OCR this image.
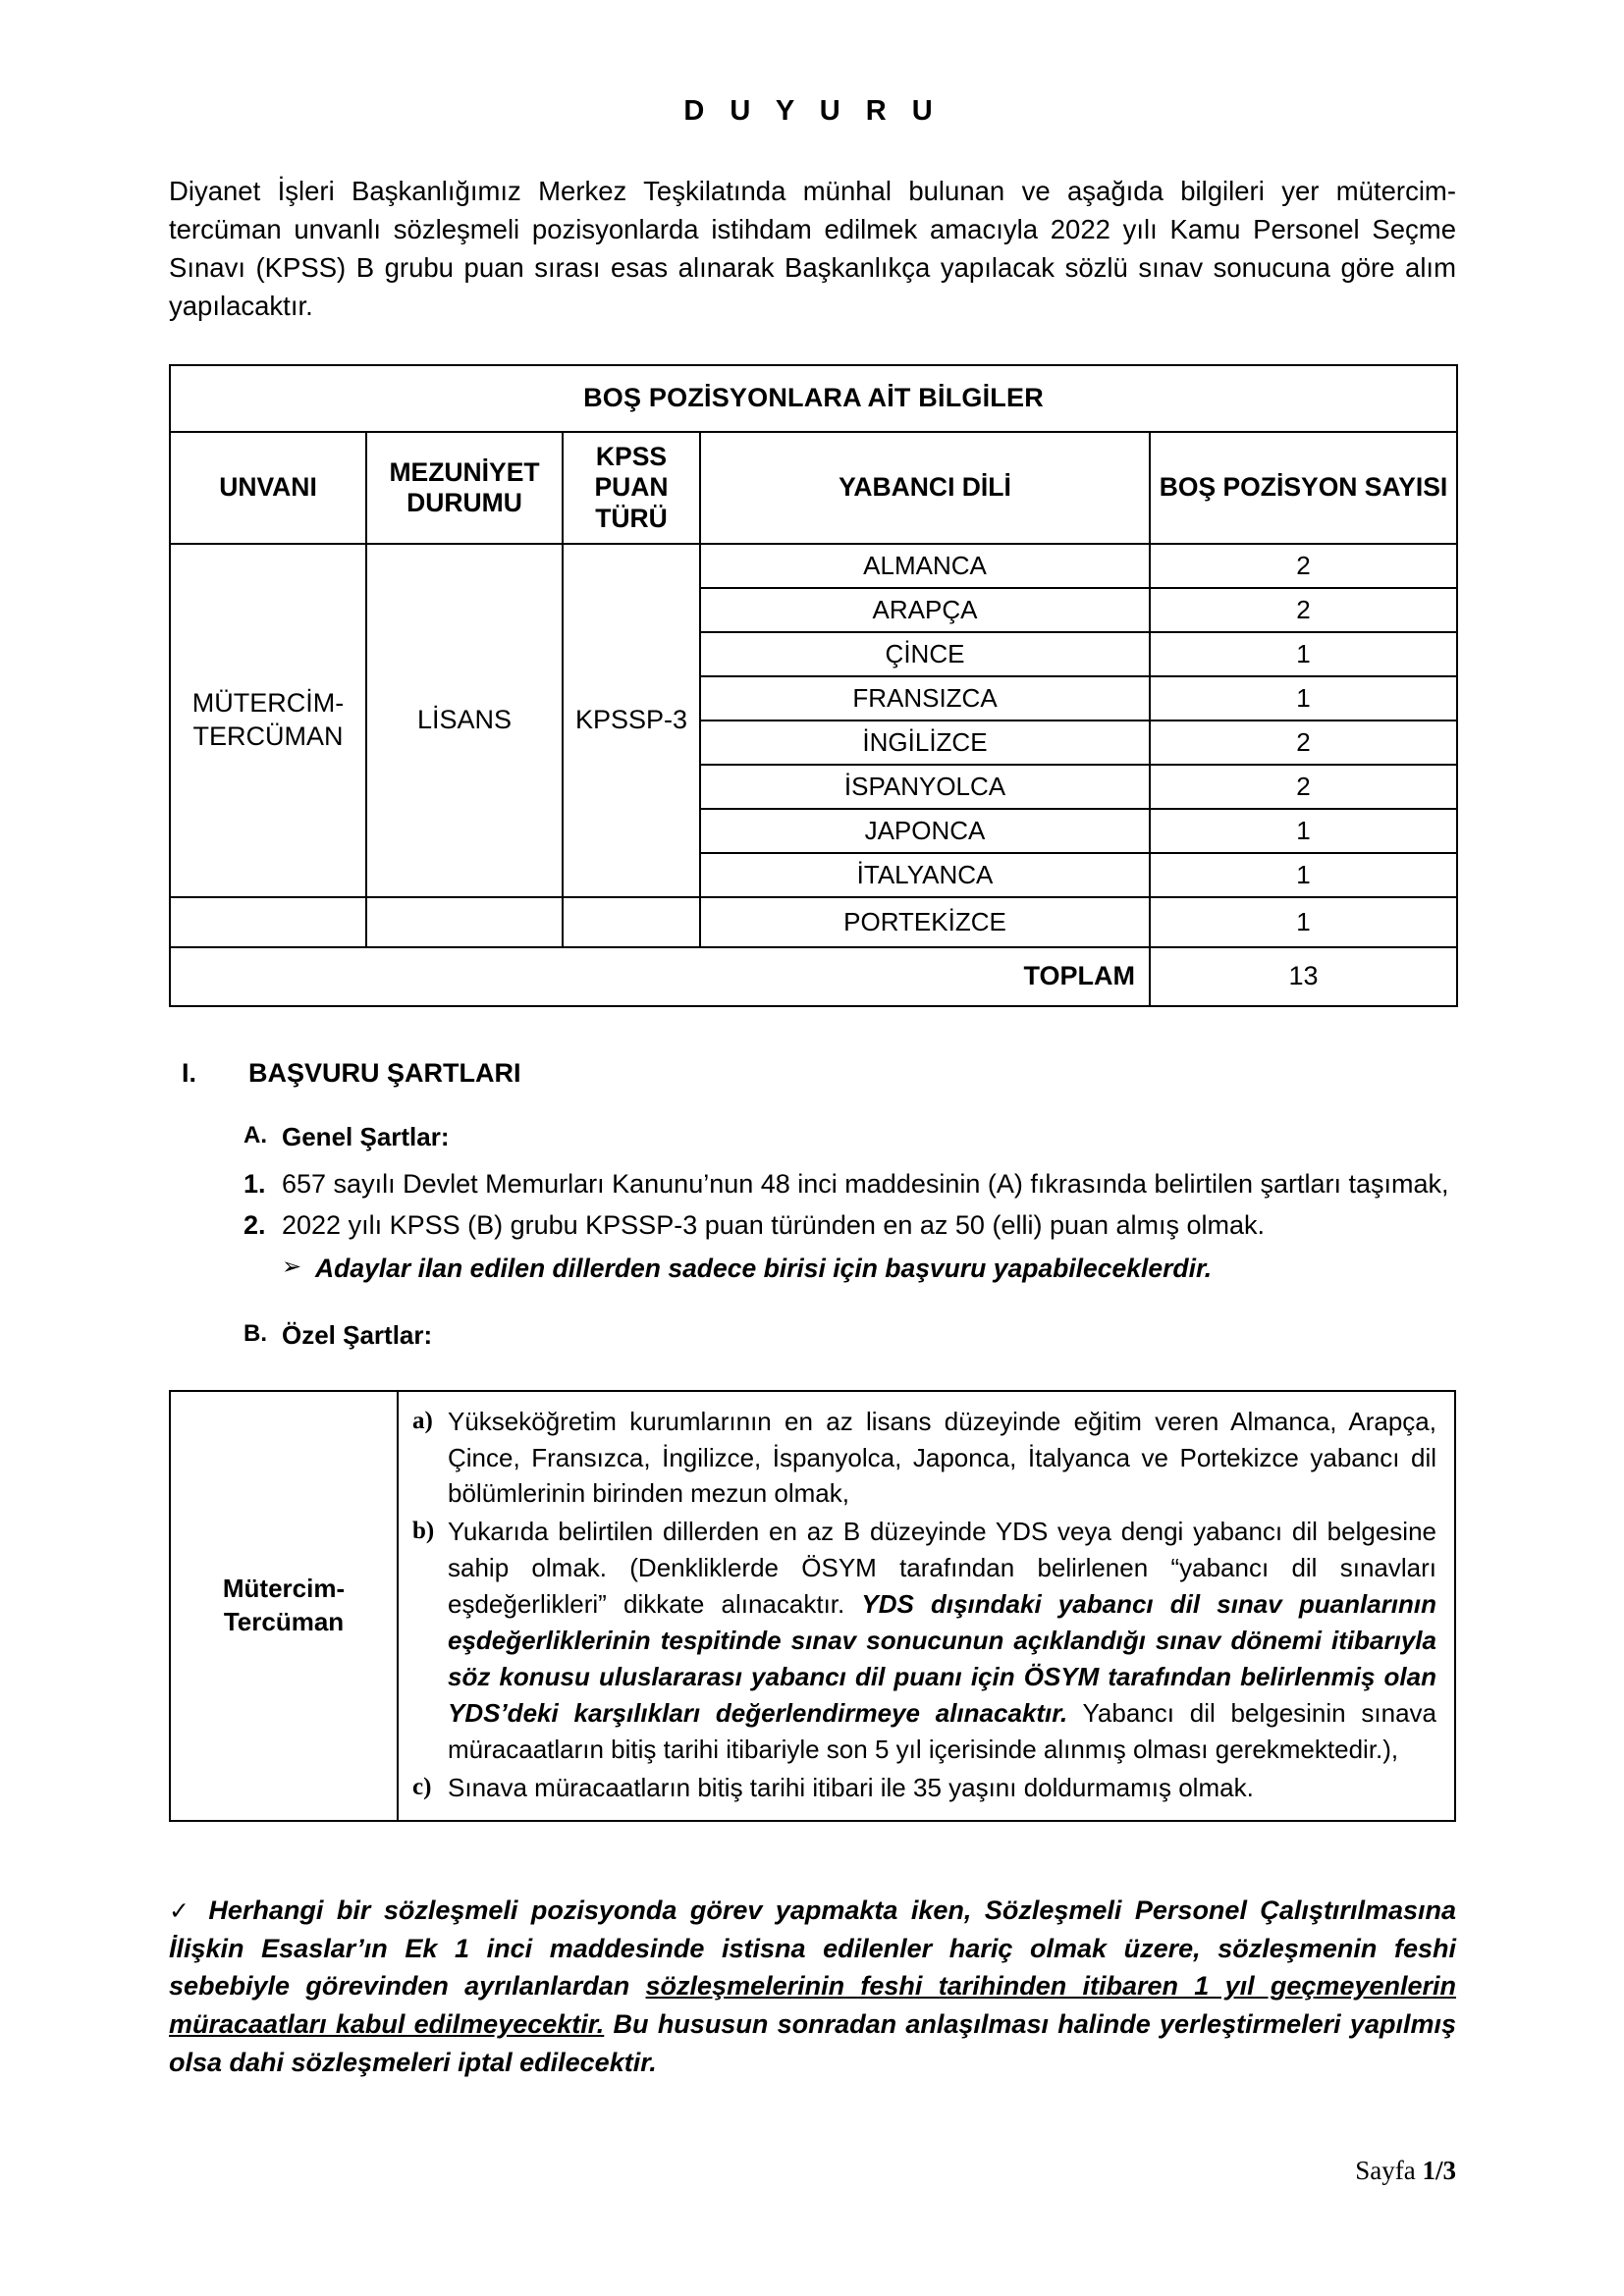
D U Y U R U

Diyanet İşleri Başkanlığımız Merkez Teşkilatında münhal bulunan ve aşağıda bilgileri yer mütercim-tercüman unvanlı sözleşmeli pozisyonlarda istihdam edilmek amacıyla 2022 yılı Kamu Personel Seçme Sınavı (KPSS) B grubu puan sırası esas alınarak Başkanlıkça yapılacak sözlü sınav sonucuna göre alım yapılacaktır.

BOŞ POZİSYONLARA AİT BİLGİLER				
UNVANI	MEZUNİYET DURUMU	KPSS PUAN TÜRÜ	YABANCI DİLİ	BOŞ POZİSYON SAYISI
MÜTERCİM-TERCÜMAN	LİSANS	KPSSP-3	ALMANCA	2
			ARAPÇA	2
			ÇİNCE	1
			FRANSIZCA	1
			İNGİLİZCE	2
			İSPANYOLCA	2
			JAPONCA	1
			İTALYANCA	1
			PORTEKİZCE	1
TOPLAM				13
I.	BAŞVURU ŞARTLARI
A. Genel Şartlar:
1. 657 sayılı Devlet Memurları Kanunu’nun 48 inci maddesinin (A) fıkrasında belirtilen şartları taşımak,
2. 2022 yılı KPSS (B) grubu KPSSP-3 puan türünden en az 50 (elli) puan almış olmak.
➢ Adaylar ilan edilen dillerden sadece birisi için başvuru yapabileceklerdir.
B. Özel Şartlar:
Mütercim-Tercüman	
a) Yükseköğretim kurumlarının en az lisans düzeyinde eğitim veren Almanca, Arapça, Çince, Fransızca, İngilizce, İspanyolca, Japonca, İtalyanca ve Portekizce yabancı dil bölümlerinin birinden mezun olmak,
b) Yukarıda belirtilen dillerden en az B düzeyinde YDS veya dengi yabancı dil belgesine sahip olmak. (Denkliklerde ÖSYM tarafından belirlenen “yabancı dil sınavları eşdeğerlikleri” dikkate alınacaktır. YDS dışındaki yabancı dil sınav puanlarının eşdeğerliklerinin tespitinde sınav sonucunun açıklandığı sınav dönemi itibarıyla söz konusu uluslararası yabancı dil puanı için ÖSYM tarafından belirlenmiş olan YDS’deki karşılıkları değerlendirmeye alınacaktır. Yabancı dil belgesinin sınava müracaatların bitiş tarihi itibariyle son 5 yıl içerisinde alınmış olması gerekmektedir.),
c) Sınava müracaatların bitiş tarihi itibari ile 35 yaşını doldurmamış olmak.

✓ Herhangi bir sözleşmeli pozisyonda görev yapmakta iken, Sözleşmeli Personel Çalıştırılmasına İlişkin Esaslar’ın Ek 1 inci maddesinde istisna edilenler hariç olmak üzere, sözleşmenin feshi sebebiyle görevinden ayrılanlardan sözleşmelerinin feshi tarihinden itibaren 1 yıl geçmeyenlerin müracaatları kabul edilmeyecektir. Bu hususun sonradan anlaşılması halinde yerleştirmeleri yapılmış olsa dahi sözleşmeleri iptal edilecektir.

Sayfa 1/3
